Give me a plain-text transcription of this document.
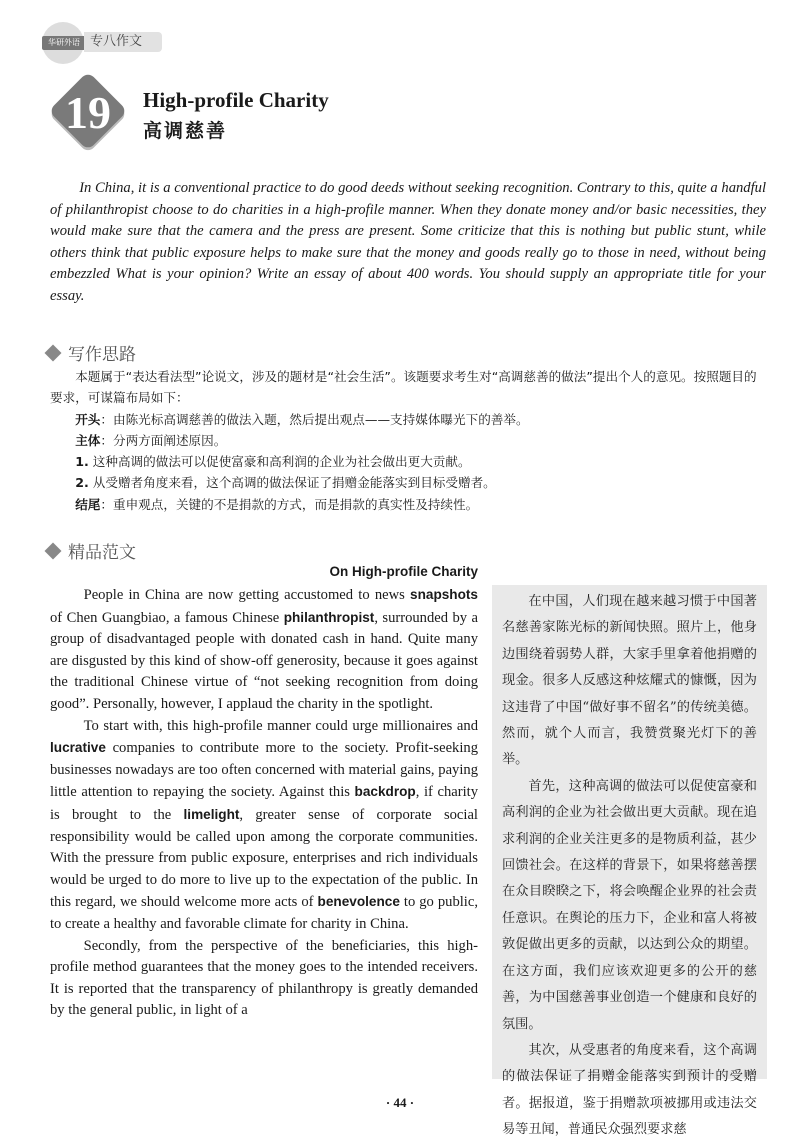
华研外语 专八作文
19	High-profile Charity
高调慈善

In China, it is a conventional practice to do good deeds without seeking recognition. Contrary to this, quite a handful of philanthropist choose to do charities in a high-profile manner. When they donate money and/or basic necessities, they would make sure that the camera and the press are present. Some criticize that this is nothing but public stunt, while others think that public exposure helps to make sure that the money and goods really go to those in need, without being embezzled What is your opinion? Write an essay of about 400 words. You should supply an appropriate title for your essay.

写作思路

本题属于“表达看法型”论说文，涉及的题材是“社会生活”。该题要求考生对“高调慈善的做法”提出个人的意见。按照题目的要求，可谋篇布局如下：

开头：由陈光标高调慈善的做法入题，然后提出观点——支持媒体曝光下的善举。

主体：分两方面阐述原因。

1. 这种高调的做法可以促使富豪和高利润的企业为社会做出更大贡献。

2. 从受赠者角度来看，这个高调的做法保证了捐赠金能落实到目标受赠者。

结尾：重申观点，关键的不是捐款的方式，而是捐款的真实性及持续性。

精品范文
On High-profile Charity

People in China are now getting accustomed to news snapshots of Chen Guangbiao, a famous Chinese philanthropist, surrounded by a group of disadvantaged people with donated cash in hand. Quite many are disgusted by this kind of show-off generosity, because it goes against the traditional Chinese virtue of “not seeking recognition from doing good”. Personally, however, I applaud the charity in the spotlight.

To start with, this high-profile manner could urge millionaires and lucrative companies to contribute more to the society. Profit-seeking businesses nowadays are too often concerned with material gains, paying little attention to repaying the society. Against this backdrop, if charity is brought to the limelight, greater sense of corporate social responsibility would be called upon among the corporate communities. With the pressure from public exposure, enterprises and rich individuals would be urged to do more to live up to the expectation of the public. In this regard, we should welcome more acts of benevolence to go public, to create a healthy and favorable climate for charity in China.

Secondly, from the perspective of the beneficiaries, this high-profile method guarantees that the money goes to the intended receivers. It is reported that the transparency of philanthropy is greatly demanded by the general public, in light of a

在中国，人们现在越来越习惯于中国著名慈善家陈光标的新闻快照。照片上，他身边围绕着弱势人群，大家手里拿着他捐赠的现金。很多人反感这种炫耀式的慷慨，因为这违背了中国“做好事不留名”的传统美德。然而，就个人而言，我赞赏聚光灯下的善举。

首先，这种高调的做法可以促使富豪和高利润的企业为社会做出更大贡献。现在追求利润的企业关注更多的是物质利益，甚少回馈社会。在这样的背景下，如果将慈善摆在众目睽睽之下，将会唤醒企业界的社会责任意识。在舆论的压力下，企业和富人将被敦促做出更多的贡献，以达到公众的期望。在这方面，我们应该欢迎更多的公开的慈善，为中国慈善事业创造一个健康和良好的氛围。

其次，从受惠者的角度来看，这个高调的做法保证了捐赠金能落实到预计的受赠者。据报道，鉴于捐赠款项被挪用或违法交易等丑闻，普通民众强烈要求慈

· 44 ·
